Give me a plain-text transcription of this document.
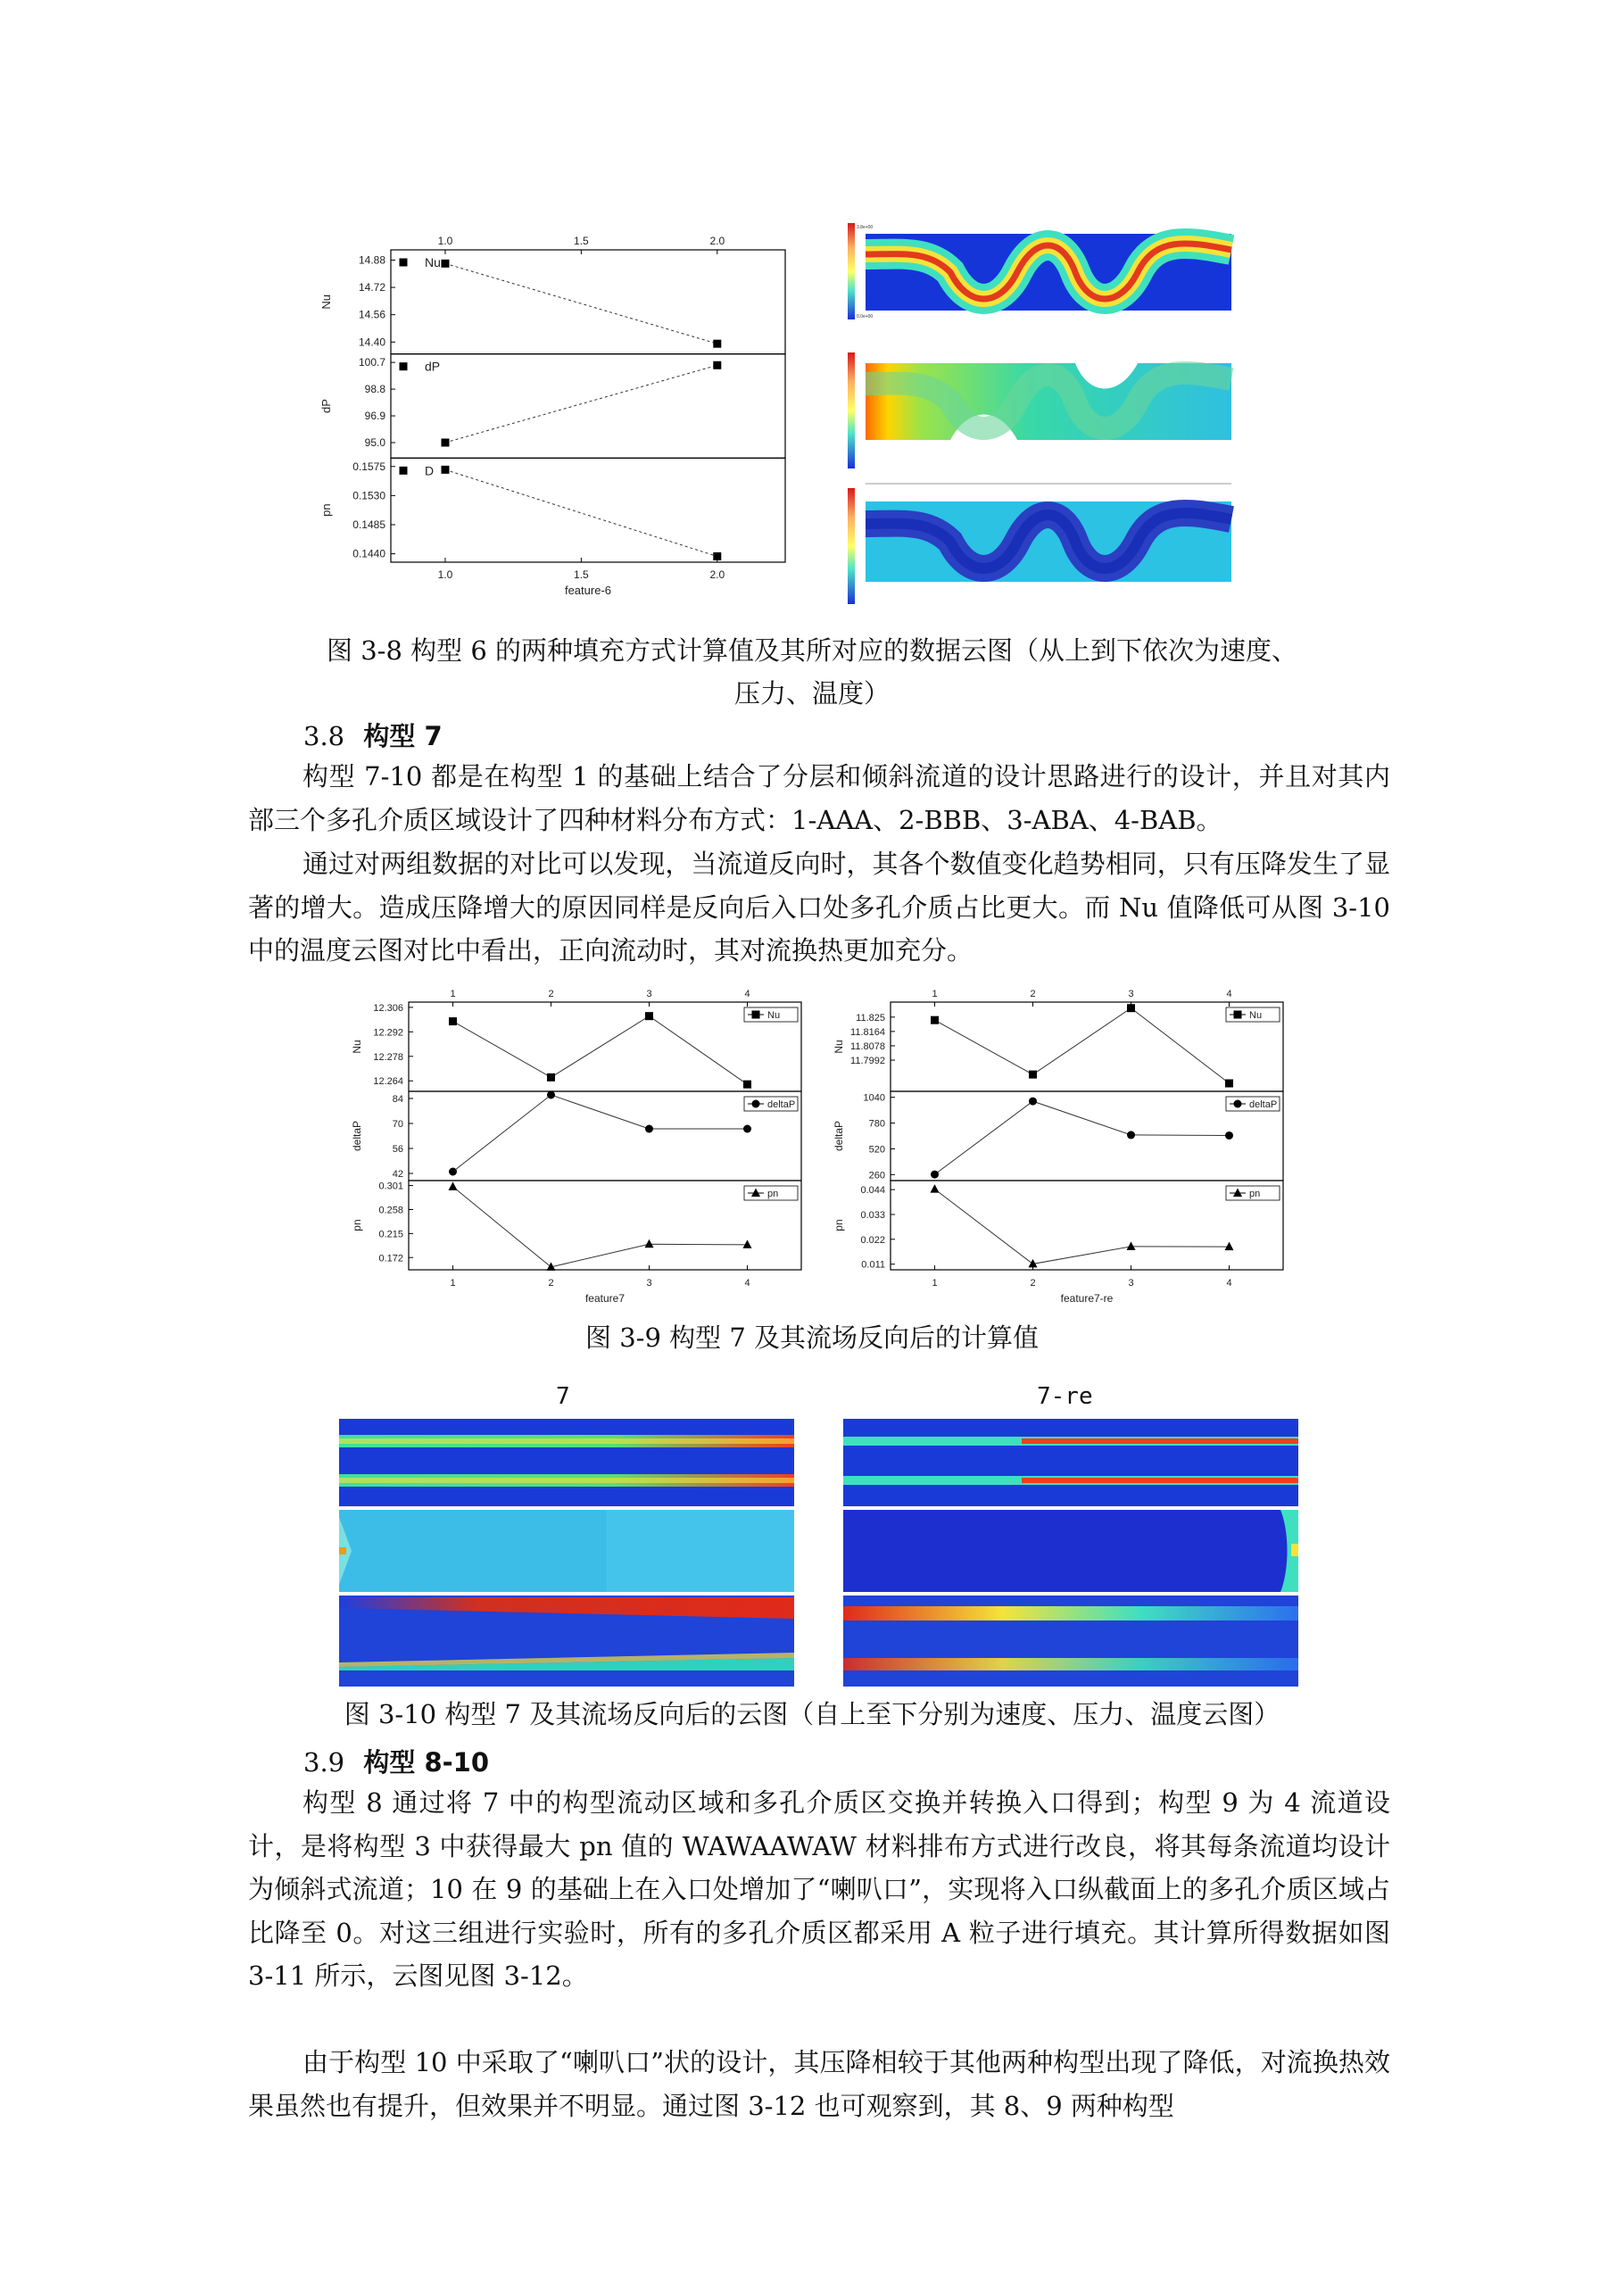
1.0
1.0
1.5
1.5
2.0
2.0
feature-6
14.88
14.72
14.56
14.40
Nu
Nu
100.7
98.8
96.9
95.0
dP
dP
0.1575
0.1530
0.1485
0.1440
pn
D
3.8e+00
0.0e+00
图 3-8 构型 6 的两种填充方式计算值及其所对应的数据云图（从上到下依次为速度、
压力、温度）
3.8 构型 7
构型 7-10 都是在构型 1 的基础上结合了分层和倾斜流道的设计思路进行的设计，并且对其内部三个多孔介质区域设计了四种材料分布方式：1-AAA、2-BBB、3-ABA、4-BAB。
通过对两组数据的对比可以发现，当流道反向时，其各个数值变化趋势相同，只有压降发生了显著的增大。造成压降增大的原因同样是反向后入口处多孔介质占比更大。而 Nu 值降低可从图 3-10 中的温度云图对比中看出，正向流动时，其对流换热更加充分。
1
1
2
2
3
3
4
4
feature7
12.306
12.292
12.278
12.264
Nu
Nu
84
70
56
42
deltaP
deltaP
0.301
0.258
0.215
0.172
pn
pn
1
1
2
2
3
3
4
4
feature7-re
11.825
11.8164
11.8078
11.7992
Nu
Nu
1040
780
520
260
deltaP
deltaP
0.044
0.033
0.022
0.011
pn
pn
图 3-9 构型 7 及其流场反向后的计算值
7	7-re
图 3-10 构型 7 及其流场反向后的云图（自上至下分别为速度、压力、温度云图）
3.9 构型 8-10
构型 8 通过将 7 中的构型流动区域和多孔介质区交换并转换入口得到；构型 9 为 4 流道设计，是将构型 3 中获得最大 pn 值的 WAWAAWAW 材料排布方式进行改良，将其每条流道均设计为倾斜式流道；10 在 9 的基础上在入口处增加了“喇叭口”，实现将入口纵截面上的多孔介质区域占比降至 0。对这三组进行实验时，所有的多孔介质区都采用 A 粒子进行填充。其计算所得数据如图 3-11 所示，云图见图 3-12。
由于构型 10 中采取了“喇叭口”状的设计，其压降相较于其他两种构型出现了降低，对流换热效果虽然也有提升，但效果并不明显。通过图 3-12 也可观察到，其 8、9 两种构型
